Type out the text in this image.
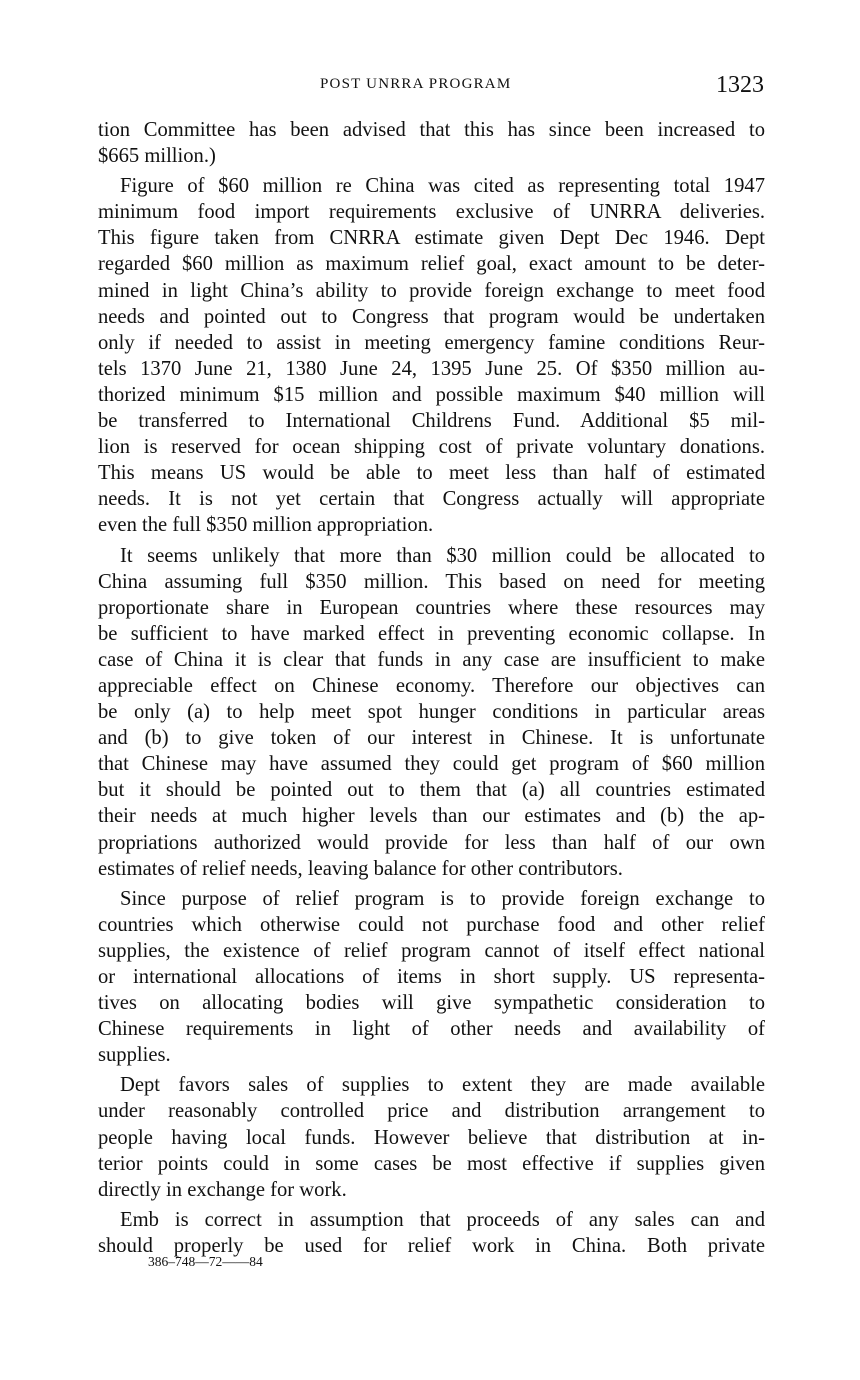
POST UNRRA PROGRAM	1323
tion Committee has been advised that this has since been increased to
$665 million.)
Figure of $60 million re China was cited as representing total 1947
minimum food import requirements exclusive of UNRRA deliveries.
This figure taken from CNRRA estimate given Dept Dec 1946. Dept
regarded $60 million as maximum relief goal, exact amount to be deter-
mined in light China’s ability to provide foreign exchange to meet food
needs and pointed out to Congress that program would be undertaken
only if needed to assist in meeting emergency famine conditions Reur-
tels 1370 June 21, 1380 June 24, 1395 June 25. Of $350 million au-
thorized minimum $15 million and possible maximum $40 million will
be transferred to International Childrens Fund. Additional $5 mil-
lion is reserved for ocean shipping cost of private voluntary donations.
This means US would be able to meet less than half of estimated
needs. It is not yet certain that Congress actually will appropriate
even the full $350 million appropriation.
It seems unlikely that more than $30 million could be allocated to
China assuming full $350 million. This based on need for meeting
proportionate share in European countries where these resources may
be sufficient to have marked effect in preventing economic collapse. In
case of China it is clear that funds in any case are insufficient to make
appreciable effect on Chinese economy. Therefore our objectives can
be only (a) to help meet spot hunger conditions in particular areas
and (b) to give token of our interest in Chinese. It is unfortunate
that Chinese may have assumed they could get program of $60 million
but it should be pointed out to them that (a) all countries estimated
their needs at much higher levels than our estimates and (b) the ap-
propriations authorized would provide for less than half of our own
estimates of relief needs, leaving balance for other contributors.
Since purpose of relief program is to provide foreign exchange to
countries which otherwise could not purchase food and other relief
supplies, the existence of relief program cannot of itself effect national
or international allocations of items in short supply. US representa-
tives on allocating bodies will give sympathetic consideration to
Chinese requirements in light of other needs and availability of
supplies.
Dept favors sales of supplies to extent they are made available
under reasonably controlled price and distribution arrangement to
people having local funds. However believe that distribution at in-
terior points could in some cases be most effective if supplies given
directly in exchange for work.
Emb is correct in assumption that proceeds of any sales can and
should properly be used for relief work in China. Both private
386–748—72——84
